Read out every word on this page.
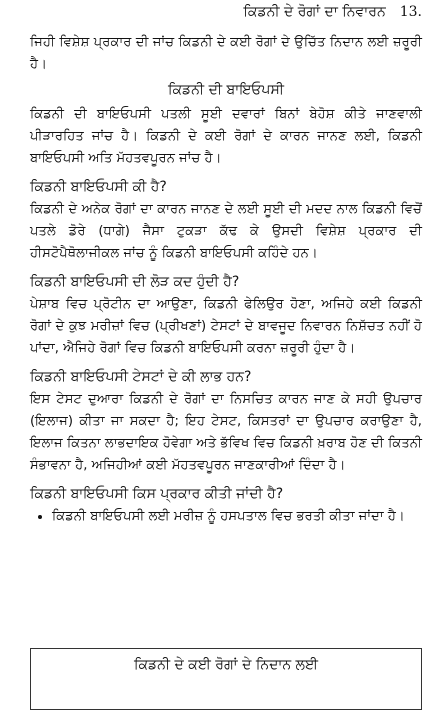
ਕਿਡਨੀ ਦੇ ਰੋਗਾਂ ਦਾ ਨਿਵਾਰਨ 13.

ਜਿਹੀ ਵਿਸ਼ੇਸ਼ ਪ੍ਰਕਾਰ ਦੀ ਜਾਂਚ ਕਿਡਨੀ ਦੇ ਕਈ ਰੋਗਾਂ ਦੇ ਉਚਿੱਤ ਨਿਦਾਨ ਲਈ ਜ਼ਰੂਰੀ ਹੈ।

ਕਿਡਨੀ ਦੀ ਬਾਇਓਪਸੀ

ਕਿਡਨੀ ਦੀ ਬਾਇਓਪਸੀ ਪਤਲੀ ਸੂਈ ਦਵਾਰਾਂ ਬਿਨਾਂ ਬੇਹੋਸ਼ ਕੀਤੇ ਜਾਣਵਾਲੀ ਪੀੜਾਰਹਿਤ ਜਾਂਚ ਹੈ। ਕਿਡਨੀ ਦੇ ਕਈ ਰੋਗਾਂ ਦੇ ਕਾਰਨ ਜਾਨਣ ਲਈ, ਕਿਡਨੀ ਬਾਇਓਪਸੀ ਅਤਿ ਮੱਹਤਵਪੂਰਨ ਜਾਂਚ ਹੈ।

ਕਿਡਨੀ ਬਾਇਓਪਸੀ ਕੀ ਹੈ?

ਕਿਡਨੀ ਦੇ ਅਨੇਕ ਰੋਗਾਂ ਦਾ ਕਾਰਨ ਜਾਨਣ ਦੇ ਲਈ ਸੂਈ ਦੀ ਮਦਦ ਨਾਲ ਕਿਡਨੀ ਵਿਚੋਂ ਪਤਲੇ ਡੋਰੇ (ਧਾਗੇ) ਜੈਸਾ ਟੁਕੜਾ ਕੱਢ ਕੇ ਉਸਦੀ ਵਿਸ਼ੇਸ਼ ਪ੍ਰਕਾਰ ਦੀ ਹੀਸਟੋਪੈਥੋਲਾਜੀਕਲ ਜਾਂਚ ਨੂੰ ਕਿਡਨੀ ਬਾਇਓਪਸੀ ਕਹਿੰਦੇ ਹਨ।

ਕਿਡਨੀ ਬਾਇਓਪਸੀ ਦੀ ਲੋੜ ਕਦ ਹੁੰਦੀ ਹੈ?

ਪੇਸ਼ਾਬ ਵਿਚ ਪ੍ਰੋਟੀਨ ਦਾ ਆਉਣਾ, ਕਿਡਨੀ ਫੇਲਿਉਰ ਹੋਣਾ, ਅਜਿਹੇ ਕਈ ਕਿਡਨੀ ਰੋਗਾਂ ਦੇ ਕੁਝ ਮਰੀਜ਼ਾਂ ਵਿਚ (ਪ੍ਰੀਖਣਾਂ) ਟੇਸਟਾਂ ਦੇ ਬਾਵਜੂਦ ਨਿਵਾਰਨ ਨਿਸ਼ੱਚਤ ਨਹੀਂ ਹੋ ਪਾਂਦਾ, ਐਜਿਹੇ ਰੋਗਾਂ ਵਿਚ ਕਿਡਨੀ ਬਾਇਓਪਸੀ ਕਰਨਾ ਜ਼ਰੂਰੀ ਹੁੰਦਾ ਹੈ।

ਕਿਡਨੀ ਬਾਇਓਪਸੀ ਟੇਸਟਾਂ ਦੇ ਕੀ ਲਾਭ ਹਨ?

ਇਸ ਟੇਸਟ ਦੁਆਰਾ ਕਿਡਨੀ ਦੇ ਰੋਗਾਂ ਦਾ ਨਿਸਚਿਤ ਕਾਰਨ ਜਾਣ ਕੇ ਸਹੀ ਉਪਚਾਰ (ਇਲਾਜ) ਕੀਤਾ ਜਾ ਸਕਦਾ ਹੈ; ਇਹ ਟੇਸਟ, ਕਿਸਤਰਾਂ ਦਾ ਉਪਚਾਰ ਕਰਾਉਣਾ ਹੈ, ਇਲਾਜ ਕਿਤਨਾ ਲਾਭਦਾਇਕ ਹੋਵੇਗਾ ਅਤੇ ਭੱਵਿਖ ਵਿਚ ਕਿਡਨੀ ਖ਼ਰਾਬ ਹੋਣ ਦੀ ਕਿਤਨੀ ਸੰਭਾਵਨਾ ਹੈ, ਅਜਿਹੀਆਂ ਕਈ ਮੱਹਤਵਪੂਰਨ ਜਾਣਕਾਰੀਆਂ ਦਿੰਦਾ ਹੈ।

ਕਿਡਨੀ ਬਾਇਓਪਸੀ ਕਿਸ ਪ੍ਰਕਾਰ ਕੀਤੀ ਜਾਂਦੀ ਹੈ?
• ਕਿਡਨੀ ਬਾਇਓਪਸੀ ਲਈ ਮਰੀਜ਼ ਨੂੰ ਹਸਪਤਾਲ ਵਿਚ ਭਰਤੀ ਕੀਤਾ ਜਾਂਦਾ ਹੈ।
ਕਿਡਨੀ ਦੇ ਕਈ ਰੋਗਾਂ ਦੇ ਨਿਦਾਨ ਲਈ
